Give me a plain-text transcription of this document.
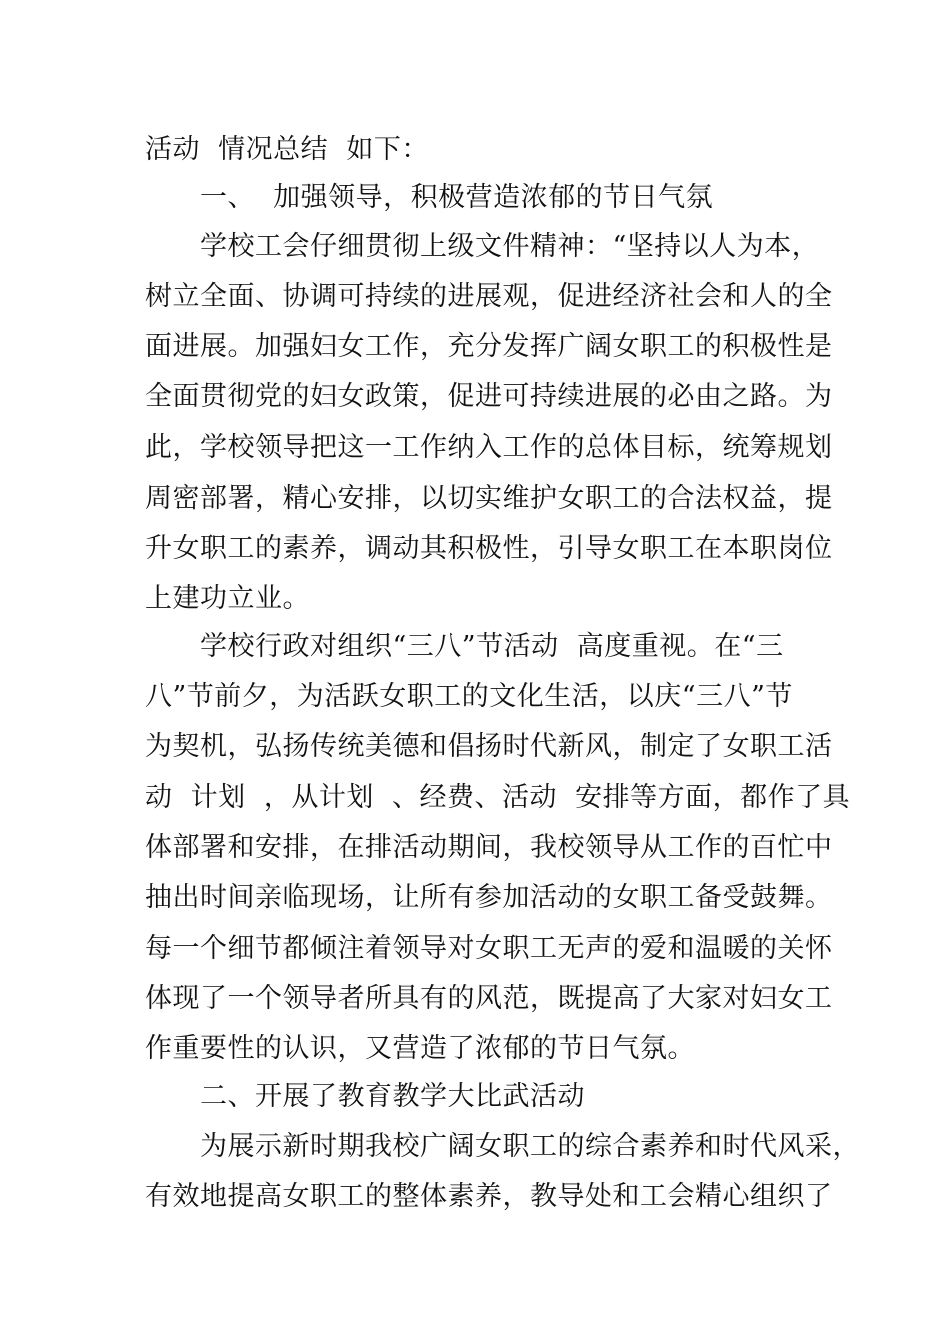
活动  情况总结  如下：
一、  加强领导，积极营造浓郁的节日气氛
学校工会仔细贯彻上级文件精神：“坚持以人为本，
树立全面、协调可持续的进展观，促进经济社会和人的全
面进展。加强妇女工作，充分发挥广阔女职工的积极性是
全面贯彻党的妇女政策，促进可持续进展的必由之路。为
此，学校领导把这一工作纳入工作的总体目标，统筹规划
周密部署，精心安排，以切实维护女职工的合法权益，提
升女职工的素养，调动其积极性，引导女职工在本职岗位
上建功立业。
学校行政对组织“三八”节活动  高度重视。在“三
八”节前夕，为活跃女职工的文化生活，以庆“三八”节
为契机，弘扬传统美德和倡扬时代新风，制定了女职工活
动  计划  ，从计划  、经费、活动  安排等方面，都作了具
体部署和安排，在排活动期间，我校领导从工作的百忙中
抽出时间亲临现场，让所有参加活动的女职工备受鼓舞。
每一个细节都倾注着领导对女职工无声的爱和温暖的关怀
体现了一个领导者所具有的风范，既提高了大家对妇女工
作重要性的认识，又营造了浓郁的节日气氛。
二、开展了教育教学大比武活动
为展示新时期我校广阔女职工的综合素养和时代风采，
有效地提高女职工的整体素养，教导处和工会精心组织了
